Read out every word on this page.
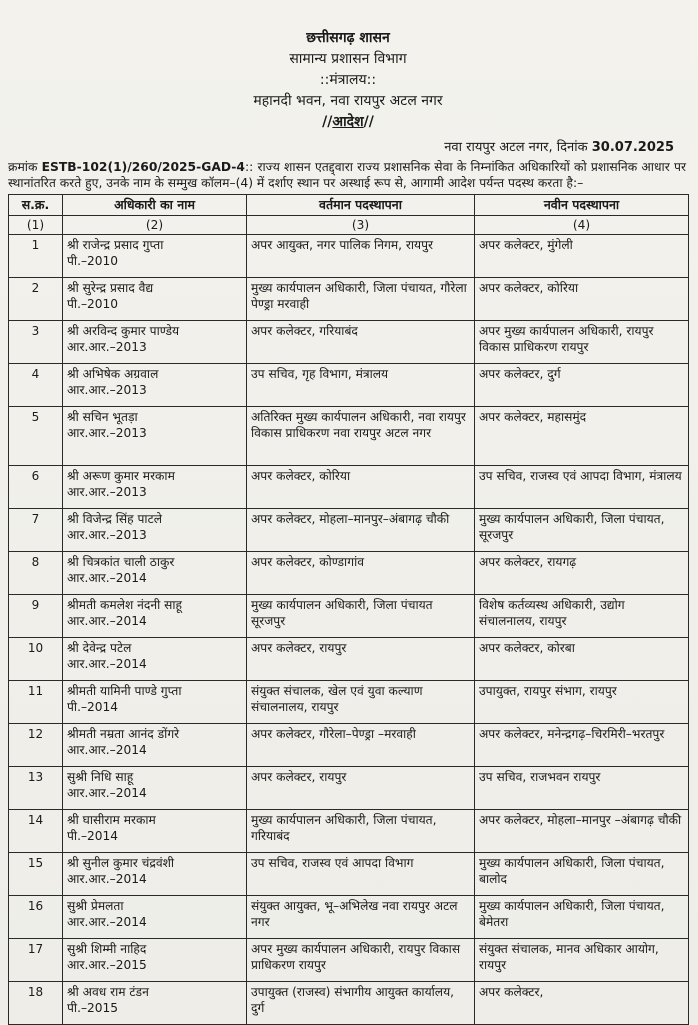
छत्तीसगढ़ शासन
सामान्य प्रशासन विभाग
::मंत्रालय::
महानदी भवन, नवा रायपुर अटल नगर
//आदेश//
नवा रायपुर अटल नगर, दिनांक 30.07.2025
क्रमांक ESTB-102(1)/260/2025-GAD-4:: राज्य शासन एतद्द्वारा राज्य प्रशासनिक सेवा के निम्नांकित अधिकारियों को प्रशासनिक आधार पर स्थानांतरित करते हुए, उनके नाम के सम्मुख कॉलम–(4) में दर्शाए स्थान पर अस्थाई रूप से, आगामी आदेश पर्यन्त पदस्थ करता है:–
स.क्र.	अधिकारी का नाम	वर्तमान पदस्थापना	नवीन पदस्थापना
(1)	(2)	(3)	(4)
1	श्री राजेन्द्र प्रसाद गुप्ता
पी.–2010	अपर आयुक्त, नगर पालिक निगम, रायपुर	अपर कलेक्टर, मुंगेली
2	श्री सुरेन्द्र प्रसाद वैद्य
पी.–2010	मुख्य कार्यपालन अधिकारी, जिला पंचायत, गौरेला पेण्ड्रा मरवाही	अपर कलेक्टर, कोरिया
3	श्री अरविन्द कुमार पाण्डेय
आर.आर.–2013	अपर कलेक्टर, गरियाबंद	अपर मुख्य कार्यपालन अधिकारी, रायपुर विकास प्राधिकरण रायपुर
4	श्री अभिषेक अग्रवाल
आर.आर.–2013	उप सचिव, गृह विभाग, मंत्रालय	अपर कलेक्टर, दुर्ग
5	श्री सचिन भूतड़ा
आर.आर.–2013	अतिरिक्त मुख्य कार्यपालन अधिकारी, नवा रायपुर विकास प्राधिकरण नवा रायपुर अटल नगर	अपर कलेक्टर, महासमुंद
6	श्री अरूण कुमार मरकाम
आर.आर.–2013	अपर कलेक्टर, कोरिया	उप सचिव, राजस्व एवं आपदा विभाग, मंत्रालय
7	श्री विजेन्द्र सिंह पाटले
आर.आर.–2013	अपर कलेक्टर, मोहला–मानपुर–अंबागढ़ चौकी	मुख्य कार्यपालन अधिकारी, जिला पंचायत, सूरजपुर
8	श्री चित्रकांत चाली ठाकुर
आर.आर.–2014	अपर कलेक्टर, कोण्डागांव	अपर कलेक्टर, रायगढ़
9	श्रीमती कमलेश नंदनी साहू
आर.आर.–2014	मुख्य कार्यपालन अधिकारी, जिला पंचायत सूरजपुर	विशेष कर्तव्यस्थ अधिकारी, उद्योग संचालनालय, रायपुर
10	श्री देवेन्द्र पटेल
आर.आर.–2014	अपर कलेक्टर, रायपुर	अपर कलेक्टर, कोरबा
11	श्रीमती यामिनी पाण्डे गुप्ता
पी.–2014	संयुक्त संचालक, खेल एवं युवा कल्याण संचालनालय, रायपुर	उपायुक्त, रायपुर संभाग, रायपुर
12	श्रीमती नम्रता आनंद डोंगरे
आर.आर.–2014	अपर कलेक्टर, गौरेला–पेण्ड्रा –मरवाही	अपर कलेक्टर, मनेन्द्रगढ़–चिरमिरी–भरतपुर
13	सुश्री निधि साहू
आर.आर.–2014	अपर कलेक्टर, रायपुर	उप सचिव, राजभवन रायपुर
14	श्री घासीराम मरकाम
पी.–2014	मुख्य कार्यपालन अधिकारी, जिला पंचायत, गरियाबंद	अपर कलेक्टर, मोहला–मानपुर –अंबागढ़ चौकी
15	श्री सुनील कुमार चंद्रवंशी
आर.आर.–2014	उप सचिव, राजस्व एवं आपदा विभाग	मुख्य कार्यपालन अधिकारी, जिला पंचायत, बालोद
16	सुश्री प्रेमलता
आर.आर.–2014	संयुक्त आयुक्त, भू–अभिलेख नवा रायपुर अटल नगर	मुख्य कार्यपालन अधिकारी, जिला पंचायत, बेमेतरा
17	सुश्री शिम्मी नाहिद
आर.आर.–2015	अपर मुख्य कार्यपालन अधिकारी, रायपुर विकास प्राधिकरण रायपुर	संयुक्त संचालक, मानव अधिकार आयोग, रायपुर
18	श्री अवध राम टंडन
पी.–2015	उपायुक्त (राजस्व) संभागीय आयुक्त कार्यालय, दुर्ग	अपर कलेक्टर,
